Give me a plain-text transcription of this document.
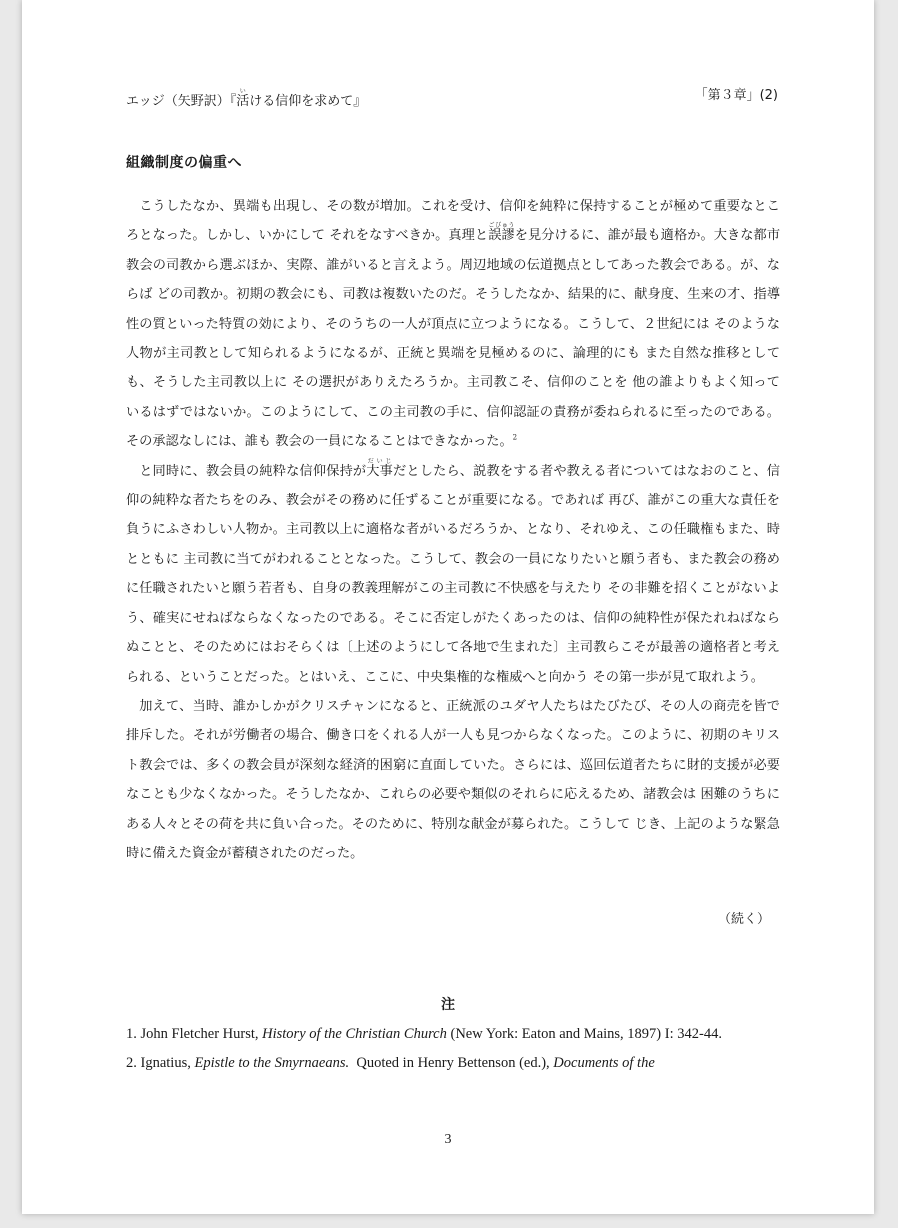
エッジ（矢野訳）『活いける信仰を求めて』	「第３章」(2)
組織制度の偏重へ

こうしたなか、異端も出現し、その数が増加。これを受け、信仰を純粋に保持することが極めて重要なところとなった。しかし、いかにして それをなすべきか。真理と誤謬ごびゅうを見分けるに、誰が最も適格か。大きな都市教会の司教から選ぶほか、実際、誰がいると言えよう。周辺地域の伝道拠点としてあった教会である。が、ならば どの司教か。初期の教会にも、司教は複数いたのだ。そうしたなか、結果的に、献身度、生来の才、指導性の質といった特質の効により、そのうちの一人が頂点に立つようになる。こうして、２世紀には そのような人物が主司教として知られるようになるが、正統と異端を見極めるのに、論理的にも また自然な推移としても、そうした主司教以上に その選択がありえたろうか。主司教こそ、信仰のことを 他の誰よりもよく知っているはずではないか。このようにして、この主司教の手に、信仰認証の責務が委ねられるに至ったのである。その承認なしには、誰も 教会の一員になることはできなかった。$^2$

と同時に、教会員の純粋な信仰保持が大事だいじだとしたら、説教をする者や教える者についてはなおのこと、信仰の純粋な者たちをのみ、教会がその務めに任ずることが重要になる。であれば 再び、誰がこの重大な責任を負うにふさわしい人物か。主司教以上に適格な者がいるだろうか、となり、それゆえ、この任職権もまた、時とともに 主司教に当てがわれることとなった。こうして、教会の一員になりたいと願う者も、また教会の務めに任職されたいと願う若者も、自身の教義理解がこの主司教に不快感を与えたり その非難を招くことがないよう、確実にせねばならなくなったのである。そこに否定しがたくあったのは、信仰の純粋性が保たれねばならぬことと、そのためにはおそらくは〔上述のようにして各地で生まれた〕主司教らこそが最善の適格者と考えられる、ということだった。とはいえ、ここに、中央集権的な権威へと向かう その第一歩が見て取れよう。

加えて、当時、誰かしかがクリスチャンになると、正統派のユダヤ人たちはたびたび、その人の商売を皆で排斥した。それが労働者の場合、働き口をくれる人が一人も見つからなくなった。このように、初期のキリスト教会では、多くの教会員が深刻な経済的困窮に直面していた。さらには、巡回伝道者たちに財的支援が必要なことも少なくなかった。そうしたなか、これらの必要や類似のそれらに応えるため、諸教会は 困難のうちにある人々とその荷を共に負い合った。そのために、特別な献金が募られた。こうして じき、上記のような緊急時に備えた資金が蓄積されたのだった。

（続く）
注

1. John Fletcher Hurst, History of the Christian Church (New York: Eaton and Mains, 1897) I: 342-44.

2. Ignatius, Epistle to the Smyrnaeans.  Quoted in Henry Bettenson (ed.), Documents of the

3
